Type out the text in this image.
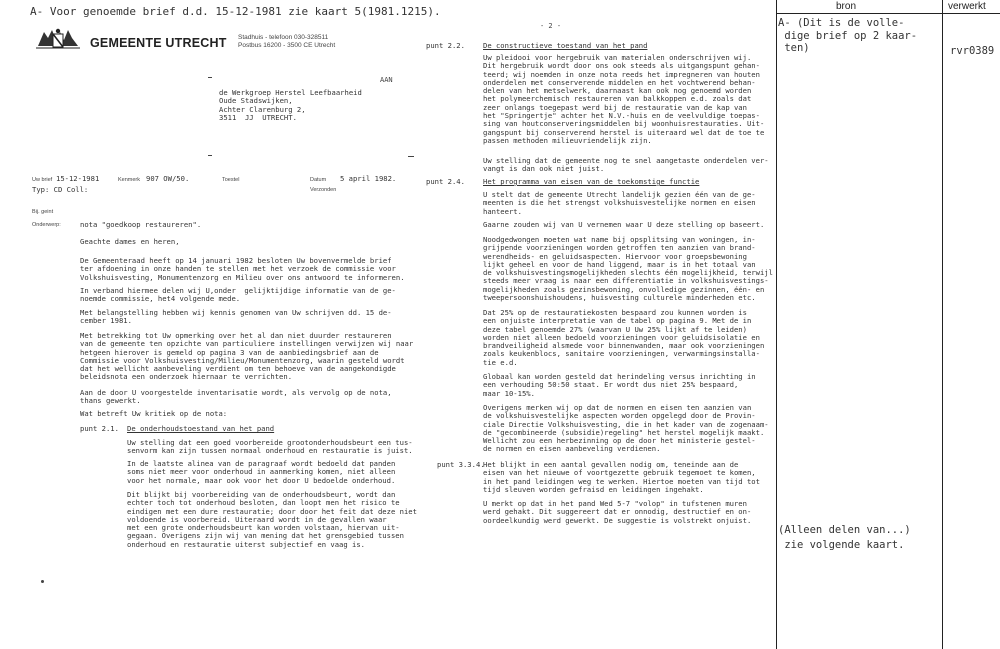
bron	verwerkt
A- (Dit is de volle-
dige brief op 2 kaar-
ten)	rvr0389
(Alleen delen van...)
zie volgende kaart.
A- Voor genoemde brief d.d. 15-12-1981 zie kaart 5(1981.1215).
- 2 -
GEMEENTE UTRECHT Stadhuis - telefoon 030-328511
Postbus 16200 - 3500 CE Utrecht
AAN
de Werkgroep Herstel Leefbaarheid
Oude Stadswijken,
Achter Clarenburg 2,
3511  JJ  UTRECHT.
Uw brief 15-12-1981	Kenmerk 907 OW/50.	Toestel	Datum 5 april 1982.
Typ: CD Coll:	Verzonden
Bij. geint
Onderwerp:	nota "goedkoop restaureren".
Geachte dames en heren,
De Gemeenteraad heeft op 14 januari 1982 besloten Uw bovenvermelde brief
ter afdoening in onze handen te stellen met het verzoek de commissie voor
Volkshuisvesting, Monumentenzorg en Milieu over ons antwoord te informeren.
In verband hiermee delen wij U,onder  gelijktijdige informatie van de ge-
noemde commissie, het4 volgende mede.
Met belangstelling hebben wij kennis genomen van Uw schrijven dd. 15 de-
cember 1981.
Met betrekking tot Uw opmerking over het al dan niet duurder restaureren
van de gemeente ten opzichte van particuliere instellingen verwijzen wij naar
hetgeen hierover is gemeld op pagina 3 van de aanbiedingsbrief aan de
Commissie voor Volkshuisvesting/Milieu/Monumentenzorg, waarin gesteld wordt
dat het wellicht aanbeveling verdient om ten behoeve van de aangekondigde
beleidsnota een onderzoek hiernaar te verrichten.
Aan de door U voorgestelde inventarisatie wordt, als vervolg op de nota,
thans gewerkt.
Wat betreft Uw kritiek op de nota:
punt 2.1. De onderhoudstoestand van het pand
Uw stelling dat een goed voorbereide grootonderhoudsbeurt een tus-
senvorm kan zijn tussen normaal onderhoud en restauratie is juist.
In de laatste alinea van de paragraaf wordt bedoeld dat panden
soms niet meer voor onderhoud in aanmerking komen, niet alleen
voor het normale, maar ook voor het door U bedoelde onderhoud.
Dit blijkt bij voorbereiding van de onderhoudsbeurt, wordt dan
echter toch tot onderhoud besloten, dan loopt men het risico te
eindigen met een dure restauratie; door door het feit dat deze niet
voldoende is voorbereid. Uiteraard wordt in de gevallen waar
met een grote onderhoudsbeurt kan worden volstaan, hiervan uit-
gegaan. Overigens zijn wij van mening dat het grensgebied tussen
onderhoud en restauratie uiterst subjectief en vaag is.
punt 2.2.	De constructieve toestand van het pand
Uw pleidooi voor hergebruik van materialen onderschrijven wij.
Dit hergebruik wordt door ons ook steeds als uitgangspunt gehan-
teerd; wij noemden in onze nota reeds het impregneren van houten
onderdelen met conserverende middelen en het vochtwerend behan-
delen van het metselwerk, daarnaast kan ook nog genoemd worden
het polymeerchemisch restaureren van balkkoppen e.d. zoals dat
zeer onlangs toegepast werd bij de restauratie van de kap van
het "Springertje" achter het N.V.-huis en de veelvuldige toepas-
sing van houtconserveringsmiddelen bij woonhuisrestauraties. Uit-
gangspunt bij conserverend herstel is uiteraard wel dat de toe te
passen methoden milieuvriendelijk zijn.
Uw stelling dat de gemeente nog te snel aangetaste onderdelen ver-
vangt is dan ook niet juist.
punt 2.4.	Het programma van eisen van de toekomstige functie
U stelt dat de gemeente Utrecht landelijk gezien één van de ge-
meenten is die het strengst volkshuisvestelijke normen en eisen
hanteert.
Gaarne zouden wij van U vernemen waar U deze stelling op baseert.
Noodgedwongen moeten wat name bij opsplitsing van woningen, in-
grijpende voorzieningen worden getroffen ten aanzien van brand-
werendheids- en geluidsaspecten. Hiervoor voor groepsbewoning
lijkt geheel en voor de hand liggend, maar is in het totaal van
de volkshuisvestingsmogelijkheden slechts één mogelijkheid, terwijl
steeds meer vraag is naar een differentiatie in volkshuisvestings-
mogelijkheden zoals gezinsbewoning, onvolledige gezinnen, één- en
tweepersoonshuishoudens, huisvesting culturele minderheden etc.
Dat 25% op de restauratiekosten bespaard zou kunnen worden is
een onjuiste interpretatie van de tabel op pagina 9. Met de in
deze tabel genoemde 27% (waarvan U Uw 25% lijkt af te leiden)
worden niet alleen bedoeld voorzieningen voor geluidsisolatie en
brandveiligheid alsmede voor binnenwanden, maar ook voorzieningen
zoals keukenblocs, sanitaire voorzieningen, verwarmingsinstalla-
tie e.d.
Globaal kan worden gesteld dat herindeling versus inrichting in
een verhouding 50:50 staat. Er wordt dus niet 25% bespaard,
maar 10-15%.
Overigens merken wij op dat de normen en eisen ten aanzien van
de volkshuisvestelijke aspecten worden opgelegd door de Provin-
ciale Directie Volkshuisvesting, die in het kader van de zogenaam-
de "gecombineerde (subsidie)regeling" het herstel mogelijk maakt.
Wellicht zou een herbezinning op de door het ministerie gestel-
de normen en eisen aanbeveling verdienen.
punt 3.3.4.
Het blijkt in een aantal gevallen nodig om, teneinde aan de
eisen van het nieuwe of voortgezette gebruik tegemoet te komen,
in het pand leidingen weg te werken. Hiertoe moeten van tijd tot
tijd sleuven worden gefraisd en leidingen ingehakt.
U merkt op dat in het pand Wed 5-7 "volop" in tufstenen muren
werd gehakt. Dit suggereert dat er onnodig, destructief en on-
oordeelkundig werd gewerkt. De suggestie is volstrekt onjuist.
